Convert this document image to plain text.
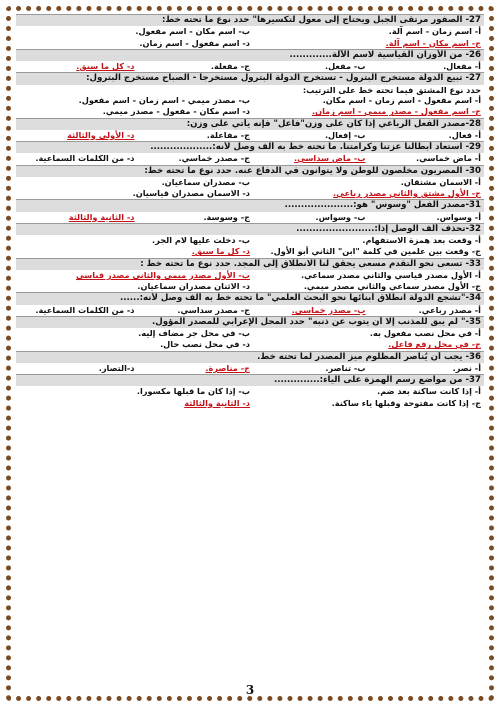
27- الصفور مرتقى الجبل ويحتاج إلى معول لتكسيرها" حدد نوع ما تحته خط:
أ- اسم زمان - اسم آلة.
ب- اسم مكان - اسم مفعول.
ج- اسم مكان - اسم آلة.
د- اسم مفعول - اسم زمان.
26- من الأوزان القياسية لاسم الآلة.............
أ- مفعال.
ب- مفعل.
ج- مفعلة.
د- كل ما سبق.
27- تبيع الدولة مستخرج البترول - تستخرج الدولة البترول مستخرجا - الصباح مستخرج البترول:
حدد نوع المشتق فيما تحته خط على الترتيب:
أ- اسم مفعول - اسم زمان - اسم مكان.
ب- مصدر ميمي - اسم زمان - اسم مفعول.
ج- اسم مفعول - مصدر ميمي - اسم زمان.
د- اسم مكان - مفعول - مصدر ميمي.
28-مصدر الفعل الرباعي إذا كان على وزن"فاعل" فإنه يأتي على وزن:
أ- فعال.
ب- إفعال.
ج- مفاعلة.
د- الأولى والثالثة
29- استعاد أبطالنا عزتنا وكرامتنا. ما تحته خط به ألف وصل لأنه:...................
أ- ماض خماسي.
ب- ماض سداسي.
ج- مصدر خماسي.
د- من الكلمات السماعية.
30- المصريون مخلصون للوطن ولا يتوانون في الدفاع عنه. حدد نوع ما تحته خط:
أ- الاسمان مشتقان.
ب- مصدران سماعيان.
ج- الأول مشتق والثاني مصدر رباعي.
د- الاسمان مصدران قياسيان.
31-مصدر الفعل "وسوس" هو:.....................
أ- وسواس.
ب- وسواس.
ج- وسوسة.
د- الثانية والثالثة
32-تحذف ألف الوصل إذا:........................
أ- وقعت بعد همزة الاستفهام.
ب- دخلت عليها لام الجر.
ج- وقعت بين علمين في كلمة "ابن" الثاني أبو الأول.
د- كل ما سبق.
33- تسعى نحو التقدم مسعى يحقق لنا الانطلاق إلى المجد. حدد نوع ما تحته خط :
أ- الأول مصدر قياسي والثاني مصدر سماعي.
ب- الأول مصدر ميمي والثاني مصدر قياسي
ج- الأول مصدر سماعي والثاني مصدر ميمي.
د- الاثنان مصدران سماعيان.
34-"تشجع الدولة انطلاق أبنائها نحو البحث العلمي" ما تحته خط به ألف وصل لأنه:......
أ- مصدر رباعي.
ب- مصدر خماسي.
ج- مصدر سداسي.
د- من الكلمات السماعية.
35-" لم يبق للمذنب إلا أن يتوب عن ذنبه" حدد المحل الإعرابي للمصدر المؤول.
أ- في محل نصب مفعول به.
ب- في محل جر مضاف إليه.
ج- في محل رفع فاعل.
د- في محل نصب حال.
36- يجب أن يُناصر المظلوم ميز المصدر لما تحته خط.
أ- نصر.
ب- تناصر.
ج- مناصرة.
د-التصار.
37- من مواضع رسم الهمزة على الياء:..............
أ- إذا كانت ساكنة بعد ضم.
ب- إذا كان ما قبلها مكسورا.
ج- إذا كانت مفتوحة وقبلها ياء ساكنة.
د- الثانية والثالثة
3
